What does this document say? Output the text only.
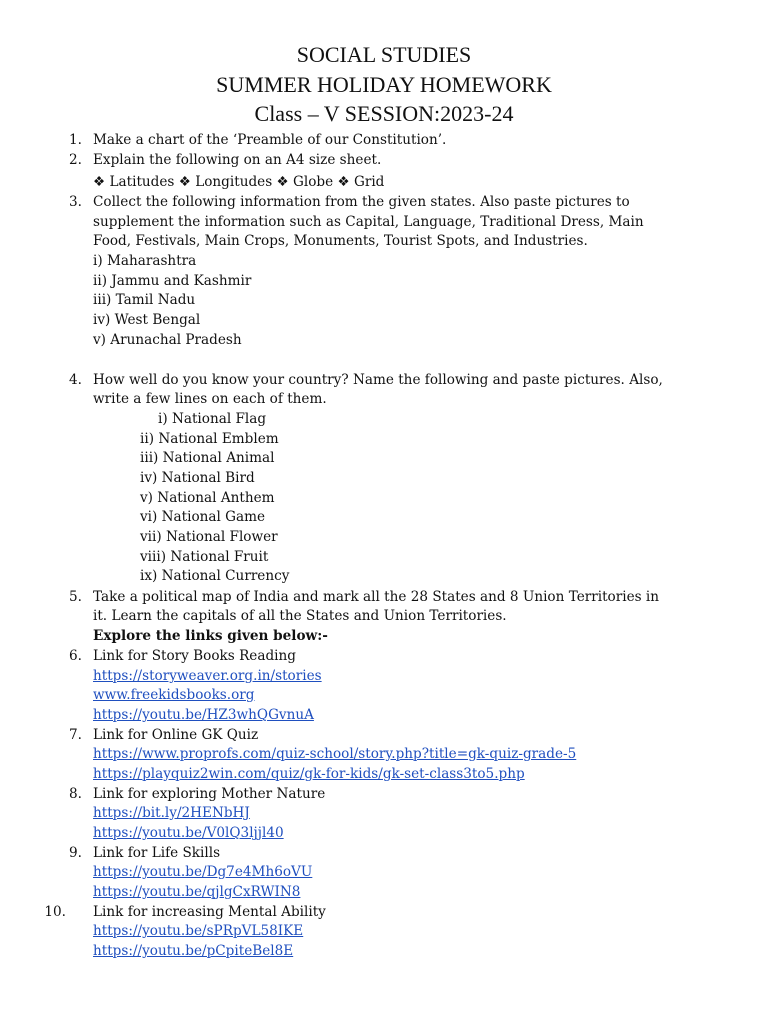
SOCIAL STUDIES
SUMMER HOLIDAY HOMEWORK
Class – V SESSION:2023-24
1. Make a chart of the ‘Preamble of our Constitution’.
2. Explain the following on an A4 size sheet.
❖ Latitudes ❖ Longitudes ❖ Globe ❖ Grid
3. Collect the following information from the given states. Also paste pictures to
supplement the information such as Capital, Language, Traditional Dress, Main
Food, Festivals, Main Crops, Monuments, Tourist Spots, and Industries.
i) Maharashtra
ii) Jammu and Kashmir
iii) Tamil Nadu
iv) West Bengal
v) Arunachal Pradesh
4. How well do you know your country? Name the following and paste pictures. Also,
write a few lines on each of them.
i) National Flag
ii) National Emblem
iii) National Animal
iv) National Bird
v) National Anthem
vi) National Game
vii) National Flower
viii) National Fruit
ix) National Currency
5. Take a political map of India and mark all the 28 States and 8 Union Territories in
it. Learn the capitals of all the States and Union Territories.
Explore the links given below:-
6. Link for Story Books Reading
https://storyweaver.org.in/stories
www.freekidsbooks.org
https://youtu.be/HZ3whQGvnuA
7. Link for Online GK Quiz
https://www.proprofs.com/quiz-school/story.php?title=gk-quiz-grade-5
https://playquiz2win.com/quiz/gk-for-kids/gk-set-class3to5.php
8. Link for exploring Mother Nature
https://bit.ly/2HENbHJ
https://youtu.be/V0lQ3ljjl40
9. Link for Life Skills
https://youtu.be/Dg7e4Mh6oVU
https://youtu.be/qjlgCxRWIN8
10. Link for increasing Mental Ability
https://youtu.be/sPRpVL58IKE
https://youtu.be/pCpiteBel8E
